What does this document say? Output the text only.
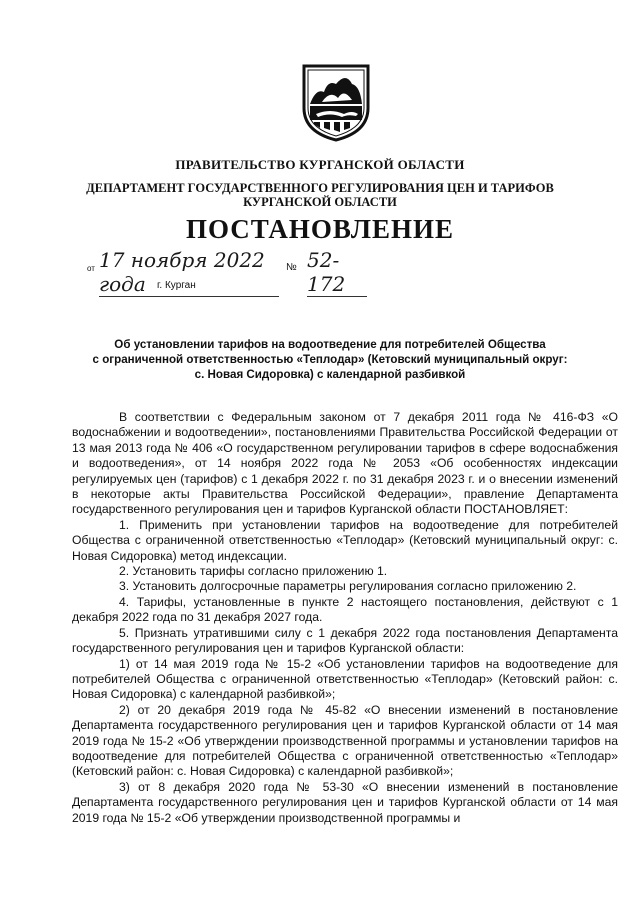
ПРАВИТЕЛЬСТВО КУРГАНСКОЙ ОБЛАСТИ
ДЕПАРТАМЕНТ ГОСУДАРСТВЕННОГО РЕГУЛИРОВАНИЯ ЦЕН И ТАРИФОВ
КУРГАНСКОЙ ОБЛАСТИ
ПОСТАНОВЛЕНИЕ
от 17 ноября 2022 года
№ 52-172
г. Курган
Об установлении тарифов на водоотведение для потребителей Общества
с ограниченной ответственностью «Теплодар» (Кетовский муниципальный округ:
с. Новая Сидоровка) с календарной разбивкой

В соответствии с Федеральным законом от 7 декабря 2011 года № 416-ФЗ «О водоснабжении и водоотведении», постановлениями Правительства Российской Федерации от 13 мая 2013 года № 406 «О государственном регулировании тарифов в сфере водоснабжения и водоотведения», от 14 ноября 2022 года № 2053 «Об особенностях индексации регулируемых цен (тарифов) с 1 декабря 2022 г. по 31 декабря 2023 г. и о внесении изменений в некоторые акты Правительства Российской Федерации», правление Департамента государственного регулирования цен и тарифов Курганской области ПОСТАНОВЛЯЕТ:

1. Применить при установлении тарифов на водоотведение для потребителей Общества с ограниченной ответственностью «Теплодар» (Кетовский муниципальный округ: с. Новая Сидоровка) метод индексации.

2. Установить тарифы согласно приложению 1.

3. Установить долгосрочные параметры регулирования согласно приложению 2.

4. Тарифы, установленные в пункте 2 настоящего постановления, действуют с 1 декабря 2022 года по 31 декабря 2027 года.

5. Признать утратившими силу с 1 декабря 2022 года постановления Департамента государственного регулирования цен и тарифов Курганской области:

1) от 14 мая 2019 года № 15-2 «Об установлении тарифов на водоотведение для потребителей Общества с ограниченной ответственностью «Теплодар» (Кетовский район: с. Новая Сидоровка) с календарной разбивкой»;

2) от 20 декабря 2019 года № 45-82 «О внесении изменений в постановление Департамента государственного регулирования цен и тарифов Курганской области от 14 мая 2019 года № 15-2 «Об утверждении производственной программы и установлении тарифов на водоотведение для потребителей Общества с ограниченной ответственностью «Теплодар» (Кетовский район: с. Новая Сидоровка) с календарной разбивкой»;

3) от 8 декабря 2020 года № 53-30 «О внесении изменений в постановление Департамента государственного регулирования цен и тарифов Курганской области от 14 мая 2019 года № 15-2 «Об утверждении производственной программы и
